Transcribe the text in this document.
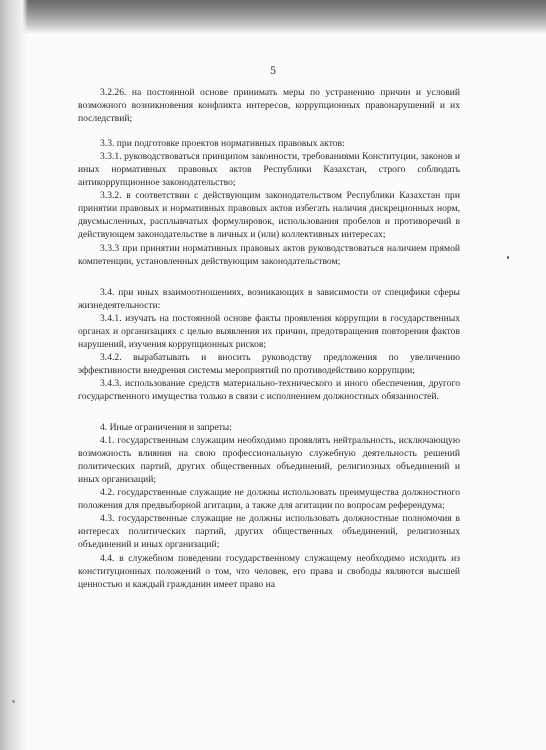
5

3.2.26. на постоянной основе принимать меры по устранению причин и условий возможного возникновения конфликта интересов, коррупционных правонарушений и их последствий;

3.3. при подготовке проектов нормативных правовых актов:

3.3.1. руководствоваться принципом законности, требованиями Конституции, законов и иных нормативных правовых актов Республики Казахстан, строго соблюдать антикоррупционное законодательство;

3.3.2. в соответствии с действующим законодательством Республики Казахстан при принятии правовых и нормативных правовых актов избегать наличия дискреционных норм, двусмысленных, расплывчатых формулировок, использования пробелов и противоречий в действующем законодательстве в личных и (или) коллективных интересах;

3.3.3 при принятии нормативных правовых актов руководствоваться наличием прямой компетенции, установленных действующим законодательством;

3.4. при иных взаимоотношениях, возникающих в зависимости от специфики сферы жизнедеятельности:

3.4.1. изучать на постоянной основе факты проявления коррупции в государственных органах и организациях с целью выявления их причин, предотвращения повторения фактов нарушений, изучения коррупционных рисков;

3.4.2. вырабатывать и вносить руководству предложения по увеличению эффективности внедрения системы мероприятий по противодействию коррупции;

3.4.3. использование средств материально-технического и иного обеспечения, другого государственного имущества только в связи с исполнением должностных обязанностей.

4. Иные ограничения и запреты:

4.1. государственным служащим необходимо проявлять нейтральность, исключающую возможность влияния на свою профессиональную служебную деятельность решений политических партий, других общественных объединений, религиозных объединений и иных организаций;

4.2. государственные служащие не должны использовать преимущества должностного положения для предвыборной агитации, а также для агитации по вопросам референдума;

4.3. государственные служащие не должны использовать должностные полномочия в интересах политических партий, других общественных объединений, религиозных объединений и иных организаций;

4.4. в служебном поведении государственному служащему необходимо исходить из конституционных положений о том, что человек, его права и свободы являются высшей ценностью и каждый гражданин имеет право на
